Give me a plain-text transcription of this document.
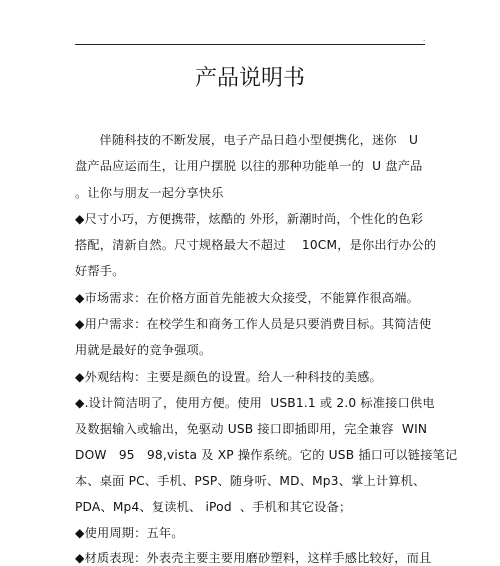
.
产品说明书
伴随科技的不断发展，电子产品日趋小型便携化，迷你   U
盘产品应运而生，让用户摆脱 以往的那种功能单一的  U 盘产品
。让你与朋友一起分享快乐
◆尺寸小巧，方便携带，炫酷的 外形，新潮时尚，个性化的色彩
搭配，清新自然。尺寸规格最大不超过    10CM，是你出行办公的
好帮手。
◆市场需求：在价格方面首先能被大众接受，不能算作很高端。
◆用户需求：在校学生和商务工作人员是只要消费目标。其简洁使
用就是最好的竞争强项。
◆外观结构：主要是颜色的设置。给人一种科技的美感。
◆.设计简洁明了，使用方便。使用  USB1.1 或 2.0 标准接口供电
及数据输入或输出，免驱动 USB 接口即插即用，完全兼容  WIN
DOW   95   98,vista 及 XP 操作系统。它的 USB 插口可以链接笔记
本、桌面 PC、手机、PSP、随身听、MD、Mp3、掌上计算机、
PDA、Mp4、复读机、 iPod  、手机和其它设备；
◆使用周期：五年。
◆材质表现：外表壳主要主要用磨砂塑料，这样手感比较好，而且
